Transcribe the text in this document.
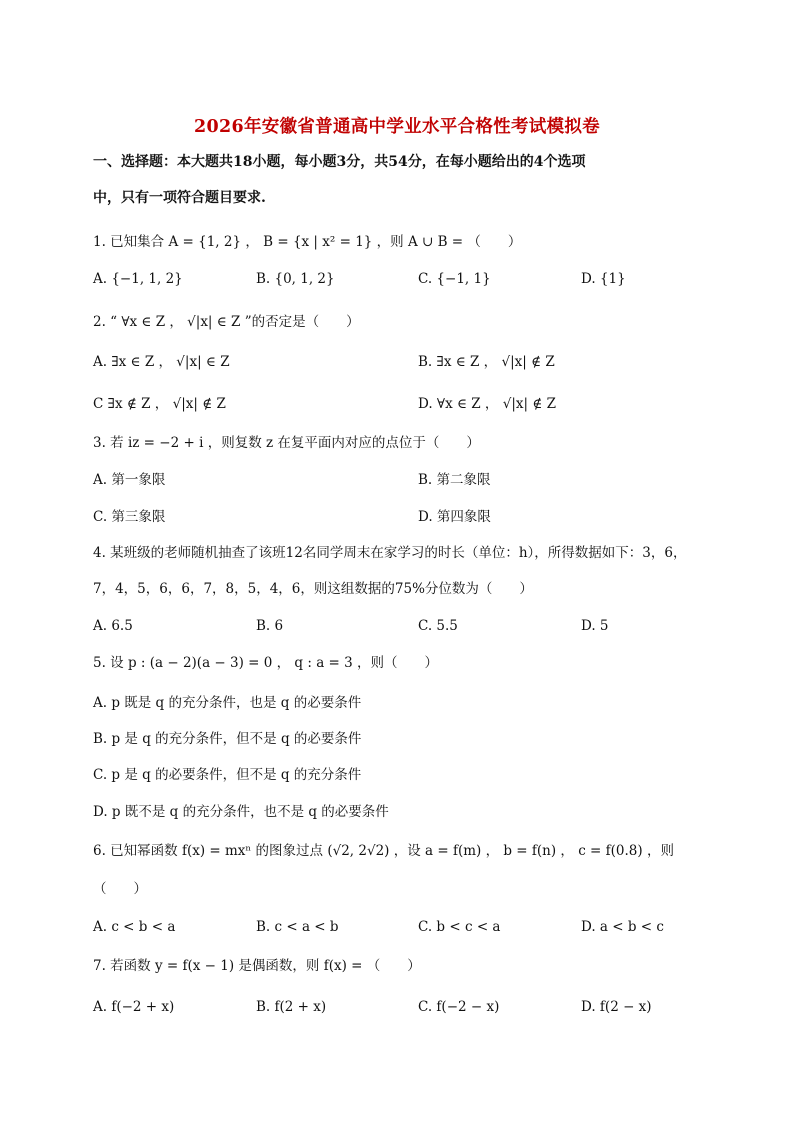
2026年安徽省普通高中学业水平合格性考试模拟卷
一、选择题：本大题共18小题，每小题3分，共54分，在每小题给出的4个选项
中，只有一项符合题目要求.
1. 已知集合 A = {1, 2} ， B = {x | x² = 1} ，则 A ∪ B = （　　）
A. {−1, 1, 2}	B. {0, 1, 2}	C. {−1, 1}	D. {1}
2. “ ∀x ∈ Z ， √|x| ∈ Z ”的否定是（　　）
A. ∃x ∈ Z ， √|x| ∈ Z	B. ∃x ∈ Z ， √|x| ∉ Z
C ∃x ∉ Z ， √|x| ∉ Z	D. ∀x ∈ Z ， √|x| ∉ Z
3. 若 iz = −2 + i ，则复数 z 在复平面内对应的点位于（　　）
A. 第一象限	B. 第二象限
C. 第三象限	D. 第四象限
4. 某班级的老师随机抽查了该班12名同学周末在家学习的时长（单位：h），所得数据如下：3，6，
7，4，5，6，6，7，8，5，4，6，则这组数据的75%分位数为（　　）
A. 6.5	B. 6	C. 5.5	D. 5
5. 设 p : (a − 2)(a − 3) = 0 ， q : a = 3 ，则（　　）
A. p 既是 q 的充分条件，也是 q 的必要条件
B. p 是 q 的充分条件，但不是 q 的必要条件
C. p 是 q 的必要条件，但不是 q 的充分条件
D. p 既不是 q 的充分条件，也不是 q 的必要条件
6. 已知幂函数 f(x) = mxⁿ 的图象过点 (√2, 2√2) ，设 a = f(m) ， b = f(n) ， c = f(0.8) ，则
（　　）
A. c < b < a	B. c < a < b	C. b < c < a	D. a < b < c
7. 若函数 y = f(x − 1) 是偶函数，则 f(x) = （　　）
A. f(−2 + x)	B. f(2 + x)	C. f(−2 − x)	D. f(2 − x)
